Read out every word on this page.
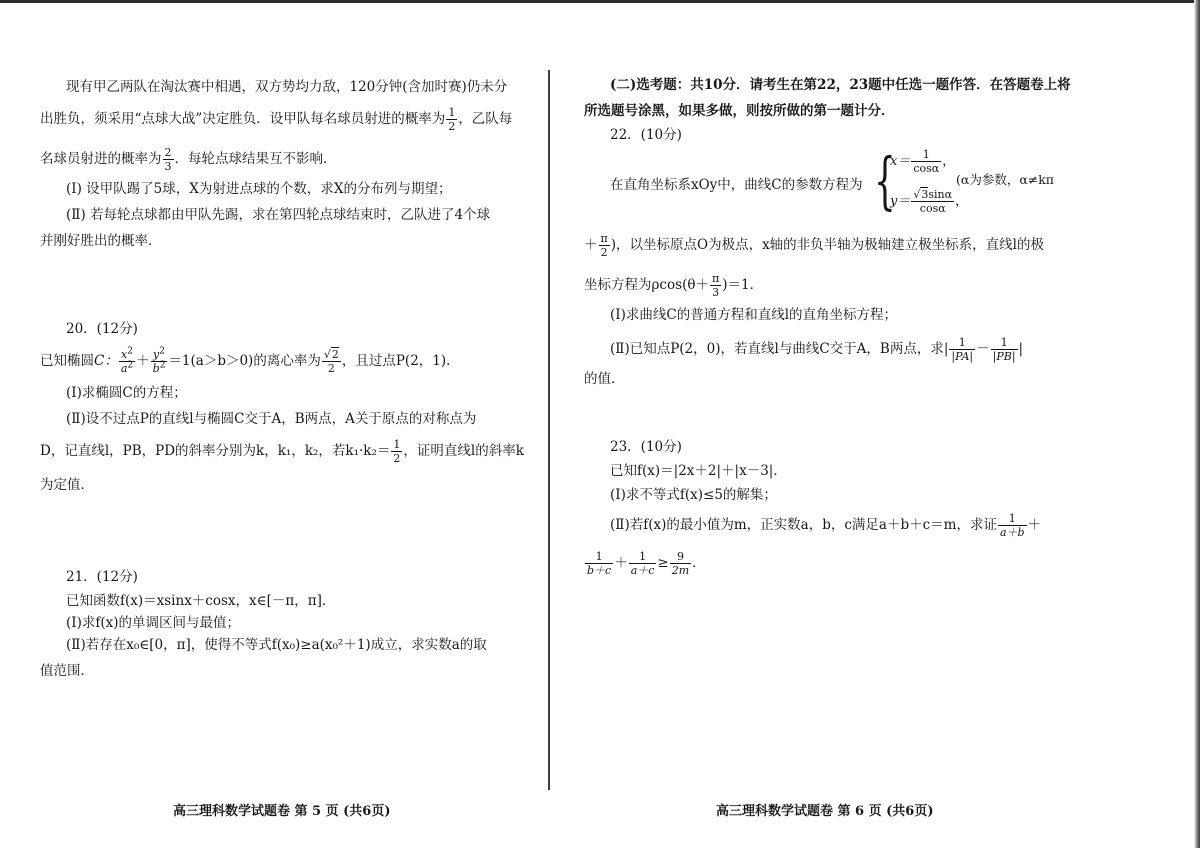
现有甲乙两队在淘汰赛中相遇，双方势均力敌，120分钟(含加时赛)仍未分
出胜负，须采用“点球大战”决定胜负．设甲队每名球员射进的概率为 $\frac{1}{2}$ ，乙队每
名球员射进的概率为 $\frac{2}{3}$ ．每轮点球结果互不影响．
(Ⅰ) 设甲队踢了5球，X为射进点球的个数，求X的分布列与期望；
(Ⅱ) 若每轮点球都由甲队先踢，求在第四轮点球结束时，乙队进了4个球
并刚好胜出的概率．
20．(12分)
已知椭圆C： $\frac{x^2}{a^2} + \frac{y^2}{b^2} =1(a>b>0)$的离心率为 $\frac{√2}{2}$ ，且过点P(2，1)．
(Ⅰ)求椭圆C的方程；
(Ⅱ)设不过点P的直线l与椭圆C交于A，B两点，A关于原点的对称点为
D，记直线l，PB，PD的斜率分别为k，k₁，k₂，若$k_1\cdot k_2= \frac{1}{2}$ ，证明直线l的斜率k
为定值．
21．(12分)
已知函数f(x)＝xsinx＋cosx，x∈[－π，π]．
(Ⅰ)求f(x)的单调区间与最值；
(Ⅱ)若存在x₀∈[0，π]，使得不等式f(x₀)≥a(x₀²＋1)成立，求实数a的取
值范围．
高三理科数学试题卷 第 5 页 (共6页)
(二)选考题：共10分．请考生在第22，23题中任选一题作答．在答题卷上将
所选题号涂黑，如果多做，则按所做的第一题计分．
22．(10分)
在直角坐标系xOy中，曲线C的参数方程为 {
$x= \frac{1}{\cos\alpha}$ ，
$y= \frac{√3\sin\alpha}{\cos\alpha}$ ，
(α为参数，α≠kπ
＋ $\frac{\pi}{2}$ )，以坐标原点O为极点，x轴的非负半轴为极轴建立极坐标系，直线l的极
坐标方程为$\rho\cos(\theta+ \frac{\pi}{3} )=1$．
(Ⅰ)求曲线C的普通方程和直线l的直角坐标方程；
(Ⅱ)已知点P(2，0)，若直线l与曲线C交于A，B两点，求| $\frac{1}{|PA|} - \frac{1}{|PB|}$ |
的值．
23．(10分)
已知f(x)＝|2x＋2|＋|x－3|．
(Ⅰ)求不等式f(x)≤5的解集；
(Ⅱ)若f(x)的最小值为m，正实数a，b，c满足a＋b＋c＝m，求证 $\frac{1}{a+b}$ ＋
$\frac{1}{b+c} + \frac{1}{a+c} \ge \frac{9}{2m}$ ．
高三理科数学试题卷 第 6 页 (共6页)
